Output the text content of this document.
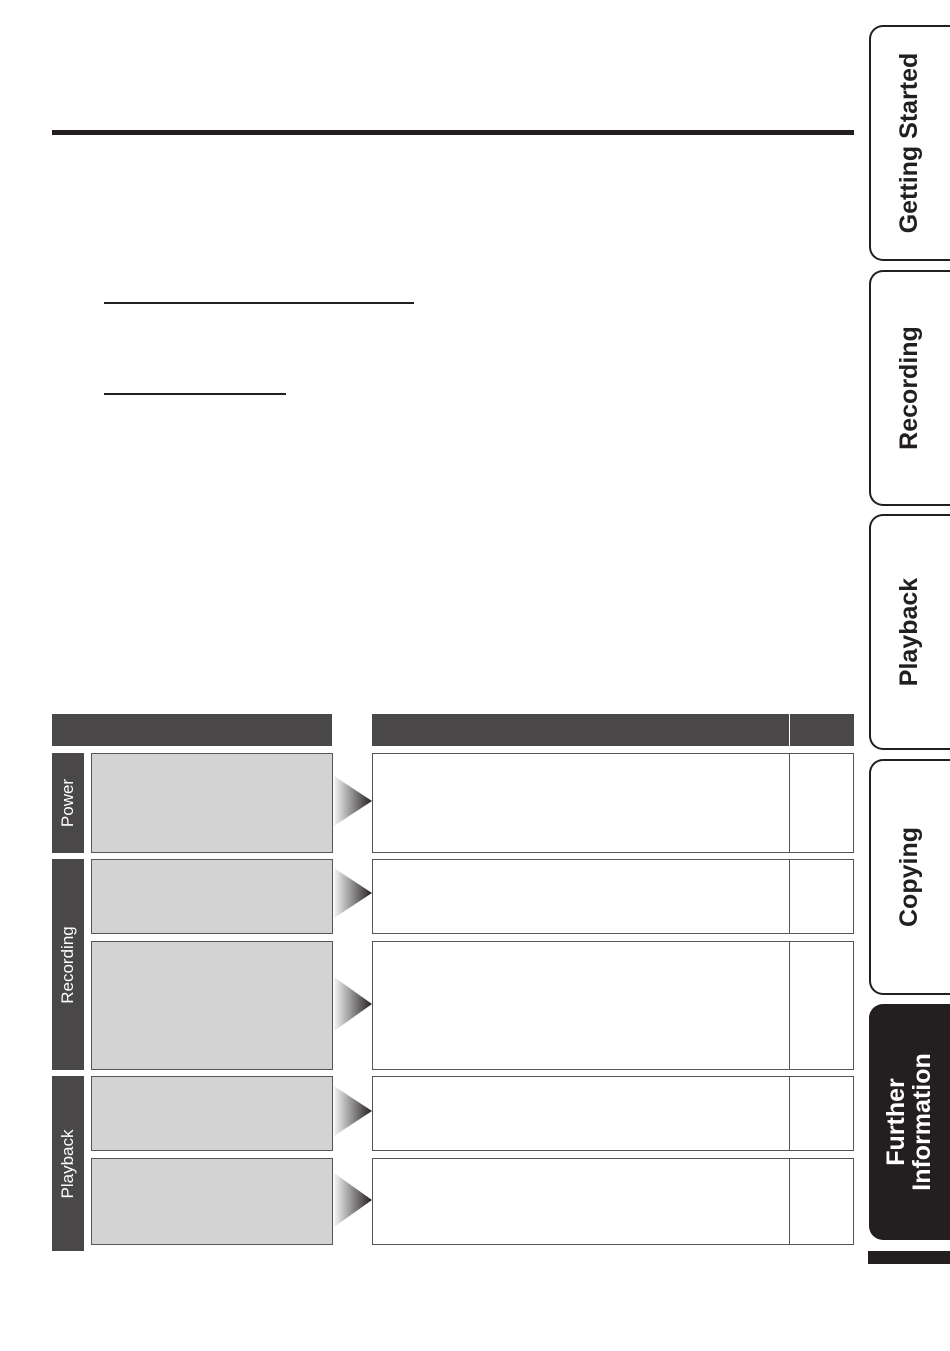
Power
Recording
Playback
Getting Started
Recording
Playback
Copying
Further Information
